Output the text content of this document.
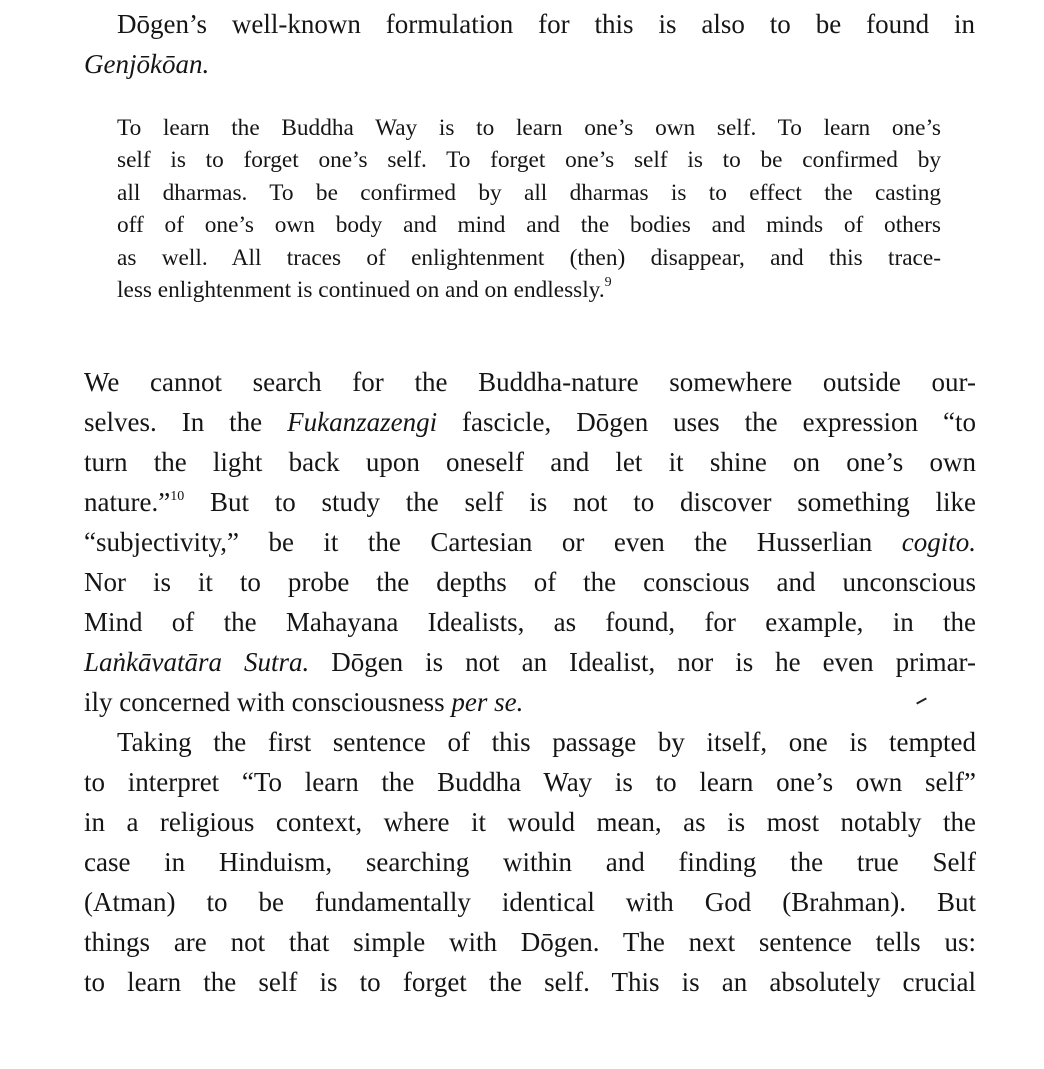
Dōgen’s well-known formulation for this is also to be found in
Genjōkōan.
To learn the Buddha Way is to learn one’s own self. To learn one’s
self is to forget one’s self. To forget one’s self is to be confirmed by
all dharmas. To be confirmed by all dharmas is to effect the casting
off of one’s own body and mind and the bodies and minds of others
as well. All traces of enlightenment (then) disappear, and this trace-
less enlightenment is continued on and on endlessly.$^9$
We cannot search for the Buddha-nature somewhere outside our-
selves. In the Fukanzazengi fascicle, Dōgen uses the expression “to
turn the light back upon oneself and let it shine on one’s own
nature.”$^{10}$ But to study the self is not to discover something like
“subjectivity,” be it the Cartesian or even the Husserlian cogito.
Nor is it to probe the depths of the conscious and unconscious
Mind of the Mahayana Idealists, as found, for example, in the
Laṅkāvatāra Sutra. Dōgen is not an Idealist, nor is he even primar-
ily concerned with consciousness per se.
Taking the first sentence of this passage by itself, one is tempted
to interpret “To learn the Buddha Way is to learn one’s own self”
in a religious context, where it would mean, as is most notably the
case in Hinduism, searching within and finding the true Self
(Atman) to be fundamentally identical with God (Brahman). But
things are not that simple with Dōgen. The next sentence tells us:
to learn the self is to forget the self. This is an absolutely crucial
